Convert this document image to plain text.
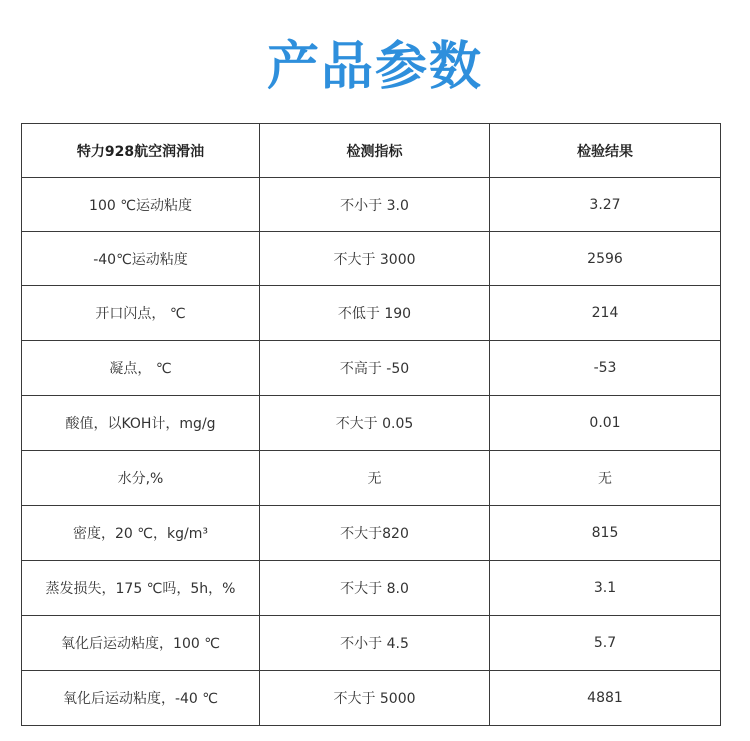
产品参数
特力928航空润滑油	检测指标	检验结果
100 ℃运动粘度	不小于 3.0	3.27
-40℃运动粘度	不大于 3000	2596
开口闪点， ℃	不低于 190	214
凝点， ℃	不高于 -50	-53
酸值，以KOH计，mg/g	不大于 0.05	0.01
水分,%	无	无
密度，20 ℃，kg/m³	不大于820	815
蒸发损失，175 ℃吗，5h，%	不大于 8.0	3.1
氧化后运动粘度，100 ℃	不小于 4.5	5.7
氧化后运动粘度，-40 ℃	不大于 5000	4881
